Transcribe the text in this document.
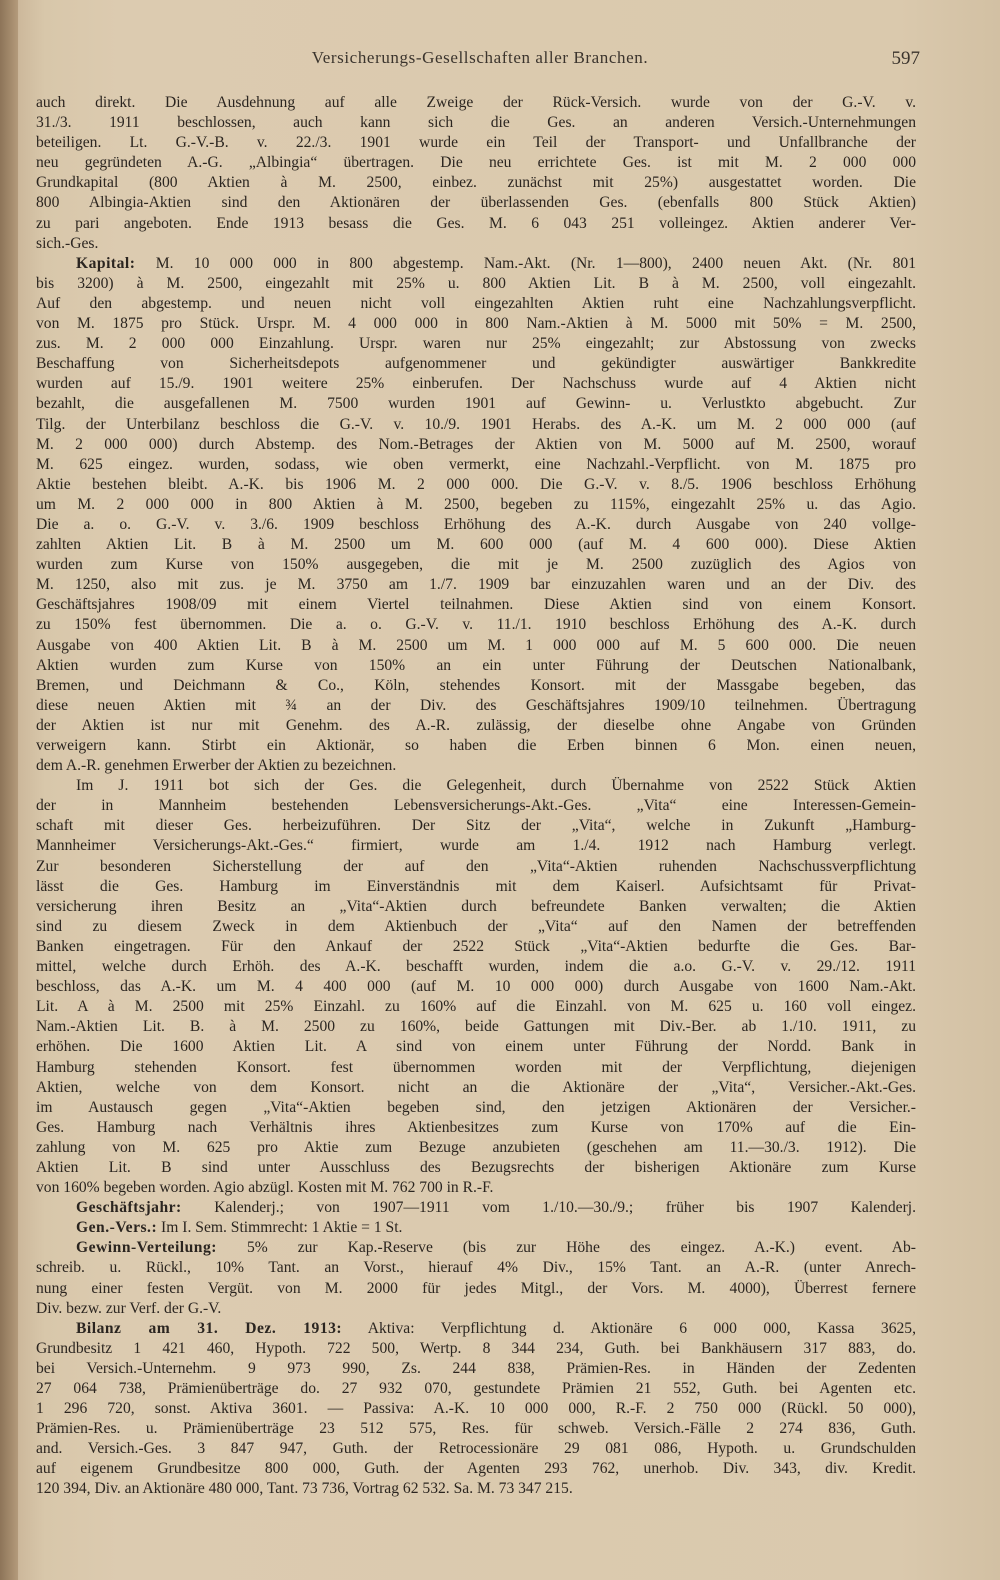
Versicherungs-Gesellschaften aller Branchen.	597
auch direkt. Die Ausdehnung auf alle Zweige der Rück-Versich. wurde von der G.-V. v.
31./3. 1911 beschlossen, auch kann sich die Ges. an anderen Versich.-Unternehmungen
beteiligen. Lt. G.-V.-B. v. 22./3. 1901 wurde ein Teil der Transport- und Unfallbranche der
neu gegründeten A.-G. „Albingia“ übertragen. Die neu errichtete Ges. ist mit M. 2 000 000
Grundkapital (800 Aktien à M. 2500, einbez. zunächst mit 25%) ausgestattet worden. Die
800 Albingia-Aktien sind den Aktionären der überlassenden Ges. (ebenfalls 800 Stück Aktien)
zu pari angeboten. Ende 1913 besass die Ges. M. 6 043 251 volleingez. Aktien anderer Ver-
sich.-Ges.
Kapital: M. 10 000 000 in 800 abgestemp. Nam.-Akt. (Nr. 1—800), 2400 neuen Akt. (Nr. 801
bis 3200) à M. 2500, eingezahlt mit 25% u. 800 Aktien Lit. B à M. 2500, voll eingezahlt.
Auf den abgestemp. und neuen nicht voll eingezahlten Aktien ruht eine Nachzahlungsverpflicht.
von M. 1875 pro Stück. Urspr. M. 4 000 000 in 800 Nam.-Aktien à M. 5000 mit 50% = M. 2500,
zus. M. 2 000 000 Einzahlung. Urspr. waren nur 25% eingezahlt; zur Abstossung von zwecks
Beschaffung von Sicherheitsdepots aufgenommener und gekündigter auswärtiger Bankkredite
wurden auf 15./9. 1901 weitere 25% einberufen. Der Nachschuss wurde auf 4 Aktien nicht
bezahlt, die ausgefallenen M. 7500 wurden 1901 auf Gewinn- u. Verlustkto abgebucht. Zur
Tilg. der Unterbilanz beschloss die G.-V. v. 10./9. 1901 Herabs. des A.-K. um M. 2 000 000 (auf
M. 2 000 000) durch Abstemp. des Nom.-Betrages der Aktien von M. 5000 auf M. 2500, worauf
M. 625 eingez. wurden, sodass, wie oben vermerkt, eine Nachzahl.-Verpflicht. von M. 1875 pro
Aktie bestehen bleibt. A.-K. bis 1906 M. 2 000 000. Die G.-V. v. 8./5. 1906 beschloss Erhöhung
um M. 2 000 000 in 800 Aktien à M. 2500, begeben zu 115%, eingezahlt 25% u. das Agio.
Die a. o. G.-V. v. 3./6. 1909 beschloss Erhöhung des A.-K. durch Ausgabe von 240 vollge-
zahlten Aktien Lit. B à M. 2500 um M. 600 000 (auf M. 4 600 000). Diese Aktien
wurden zum Kurse von 150% ausgegeben, die mit je M. 2500 zuzüglich des Agios von
M. 1250, also mit zus. je M. 3750 am 1./7. 1909 bar einzuzahlen waren und an der Div. des
Geschäftsjahres 1908/09 mit einem Viertel teilnahmen. Diese Aktien sind von einem Konsort.
zu 150% fest übernommen. Die a. o. G.-V. v. 11./1. 1910 beschloss Erhöhung des A.-K. durch
Ausgabe von 400 Aktien Lit. B à M. 2500 um M. 1 000 000 auf M. 5 600 000. Die neuen
Aktien wurden zum Kurse von 150% an ein unter Führung der Deutschen Nationalbank,
Bremen, und Deichmann & Co., Köln, stehendes Konsort. mit der Massgabe begeben, das
diese neuen Aktien mit ¾ an der Div. des Geschäftsjahres 1909/10 teilnehmen. Übertragung
der Aktien ist nur mit Genehm. des A.-R. zulässig, der dieselbe ohne Angabe von Gründen
verweigern kann. Stirbt ein Aktionär, so haben die Erben binnen 6 Mon. einen neuen,
dem A.-R. genehmen Erwerber der Aktien zu bezeichnen.
Im J. 1911 bot sich der Ges. die Gelegenheit, durch Übernahme von 2522 Stück Aktien
der in Mannheim bestehenden Lebensversicherungs-Akt.-Ges. „Vita“ eine Interessen-Gemein-
schaft mit dieser Ges. herbeizuführen. Der Sitz der „Vita“, welche in Zukunft „Hamburg-
Mannheimer Versicherungs-Akt.-Ges.“ firmiert, wurde am 1./4. 1912 nach Hamburg verlegt.
Zur besonderen Sicherstellung der auf den „Vita“-Aktien ruhenden Nachschussverpflichtung
lässt die Ges. Hamburg im Einverständnis mit dem Kaiserl. Aufsichtsamt für Privat-
versicherung ihren Besitz an „Vita“-Aktien durch befreundete Banken verwalten; die Aktien
sind zu diesem Zweck in dem Aktienbuch der „Vita“ auf den Namen der betreffenden
Banken eingetragen. Für den Ankauf der 2522 Stück „Vita“-Aktien bedurfte die Ges. Bar-
mittel, welche durch Erhöh. des A.-K. beschafft wurden, indem die a.o. G.-V. v. 29./12. 1911
beschloss, das A.-K. um M. 4 400 000 (auf M. 10 000 000) durch Ausgabe von 1600 Nam.-Akt.
Lit. A à M. 2500 mit 25% Einzahl. zu 160% auf die Einzahl. von M. 625 u. 160 voll eingez.
Nam.-Aktien Lit. B. à M. 2500 zu 160%, beide Gattungen mit Div.-Ber. ab 1./10. 1911, zu
erhöhen. Die 1600 Aktien Lit. A sind von einem unter Führung der Nordd. Bank in
Hamburg stehenden Konsort. fest übernommen worden mit der Verpflichtung, diejenigen
Aktien, welche von dem Konsort. nicht an die Aktionäre der „Vita“, Versicher.-Akt.-Ges.
im Austausch gegen „Vita“-Aktien begeben sind, den jetzigen Aktionären der Versicher.-
Ges. Hamburg nach Verhältnis ihres Aktienbesitzes zum Kurse von 170% auf die Ein-
zahlung von M. 625 pro Aktie zum Bezuge anzubieten (geschehen am 11.—30./3. 1912). Die
Aktien Lit. B sind unter Ausschluss des Bezugsrechts der bisherigen Aktionäre zum Kurse
von 160% begeben worden. Agio abzügl. Kosten mit M. 762 700 in R.-F.
Geschäftsjahr: Kalenderj.; von 1907—1911 vom 1./10.—30./9.; früher bis 1907 Kalenderj.
Gen.-Vers.: Im I. Sem. Stimmrecht: 1 Aktie = 1 St.
Gewinn-Verteilung: 5% zur Kap.-Reserve (bis zur Höhe des eingez. A.-K.) event. Ab-
schreib. u. Rückl., 10% Tant. an Vorst., hierauf 4% Div., 15% Tant. an A.-R. (unter Anrech-
nung einer festen Vergüt. von M. 2000 für jedes Mitgl., der Vors. M. 4000), Überrest fernere
Div. bezw. zur Verf. der G.-V.
Bilanz am 31. Dez. 1913: Aktiva: Verpflichtung d. Aktionäre 6 000 000, Kassa 3625,
Grundbesitz 1 421 460, Hypoth. 722 500, Wertp. 8 344 234, Guth. bei Bankhäusern 317 883, do.
bei Versich.-Unternehm. 9 973 990, Zs. 244 838, Prämien-Res. in Händen der Zedenten
27 064 738, Prämienüberträge do. 27 932 070, gestundete Prämien 21 552, Guth. bei Agenten etc.
1 296 720, sonst. Aktiva 3601. — Passiva: A.-K. 10 000 000, R.-F. 2 750 000 (Rückl. 50 000),
Prämien-Res. u. Prämienüberträge 23 512 575, Res. für schweb. Versich.-Fälle 2 274 836, Guth.
and. Versich.-Ges. 3 847 947, Guth. der Retrocessionäre 29 081 086, Hypoth. u. Grundschulden
auf eigenem Grundbesitze 800 000, Guth. der Agenten 293 762, unerhob. Div. 343, div. Kredit.
120 394, Div. an Aktionäre 480 000, Tant. 73 736, Vortrag 62 532. Sa. M. 73 347 215.
